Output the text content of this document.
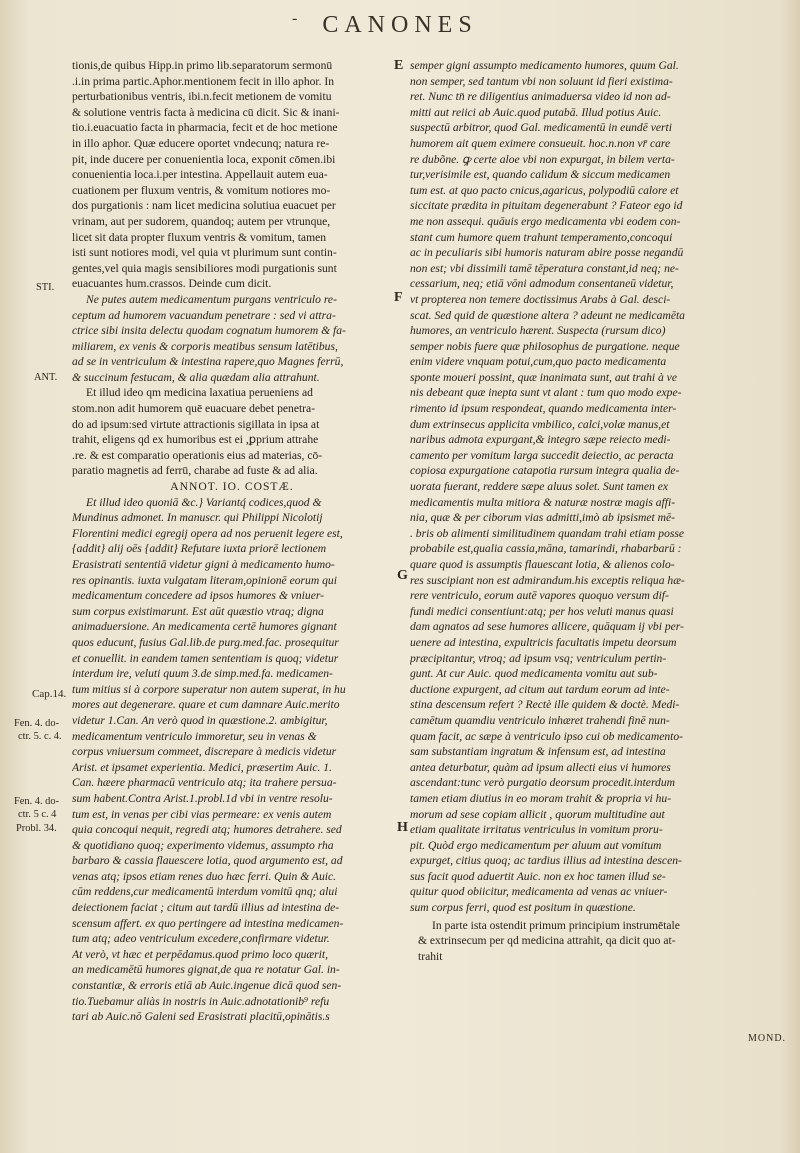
- CANONES
tionis,de quibus Hipp.in primo lib.separatorum sermonū
.i.in prima partic.Aphor.mentionem fecit in illo aphor. In
perturbationibus ventris, ibi.n.fecit metionem de vomitu
& solutione ventris facta à medicina cū dicit. Sic & inani-
tio.i.euacuatio facta in pharmacia, fecit et de hoc metione
in illo aphor. Quæ educere oportet vndecunq; natura re-
pit, inde ducere per conuenientia loca, exponit cōmen.ibi
conuenientia loca.i.per intestina. Appellauit autem eua-
cuationem per fluxum ventris, & vomitum notiores mo-
dos purgationis : nam licet medicina solutiua euacuet per
vrinam, aut per sudorem, quandoq; autem per vtrunque,
licet sit data propter fluxum ventris & vomitum, tamen
isti sunt notiores modi, vel quia vt plurimum sunt contin-
gentes,vel quia magis sensibiliores modi purgationis sunt
euacuantes hum.crassos. Deinde cum dicit.
Ne putes autem medicamentum purgans ventriculo re-
ceptum ad humorem vacuandum penetrare : sed vi attra-
ctrice sibi insita delectu quodam cognatum humorem & fa-
miliarem, ex venis & corporis meatibus sensum latētibus,
ad se in ventriculum & intestina rapere,quo Magnes ferrū,
& succinum festucam, & alia quædam alia attrahunt.
Et illud ideo qm medicina laxatiua perueniens ad
stom.non adit humorem quē euacuare debet penetra-
do ad ipsum:sed virtute attractionis sigillata in ipsa at
trahit, eligens qd ex humoribus est ei ,ꝑprium attrahe
.re. & est comparatio operationis eius ad materias, cō-
paratio magnetis ad ferrū, charabe ad fuste & ad alia.
ANNOT. IO. COSTÆ.
Et illud ideo quoniā &c.} Variantq́ codices,quod &
Mundinus admonet. In manuscr. qui Philippi Nicolotij
Florentini medici egregij opera ad nos peruenit legere est,
{addit} alij oēs {addit} Refutare iuxta priorē lectionem
Erasistrati sententiā videtur gigni à medicamento humo-
res opinantis. iuxta vulgatam literam,opinionē eorum qui
medicamentum concedere ad ipsos humores & vniuer-
sum corpus existimarunt. Est aūt quæstio vtraq; digna
animaduersione. An medicamenta certē humores gignant
quos educunt, fusius Gal.lib.de purg.med.fac. prosequitur
et conuellit. in eandem tamen sententiam is quoq; videtur
interdum ire, veluti quum 3.de simp.med.fa. medicamen-
tum mitius si à corpore superatur non autem superat, in hu
mores aut degenerare. quare et cum damnare Auic.merito
videtur 1.Can. An verò quod in quæstione.2. ambigitur,
medicamentum ventriculo immoretur, seu in venas &
corpus vniuersum commeet, discrepare à medicis videtur
Arist. et ipsamet experientia. Medici, præsertim Auic. 1.
Can. hæere pharmacū ventriculo atq; ita trahere persua-
sum habent.Contra Arist.1.probl.1d vbi in ventre resolu-
tum est, in venas per cibi vias permeare: ex venis autem
quia concoqui nequit, regredi atq; humores detrahere. sed
& quotidiano quoq; experimento videmus, assumpto rha
barbaro & cassia flauescere lotia, quod argumento est, ad
venas atq; ipsos etiam renes duo hæc ferri. Quin & Auic.
cūm reddens,cur medicamentū interdum vomitū qnq; alui
deiectionem faciat ; citum aut tardū illius ad intestina de-
scensum affert. ex quo pertingere ad intestina medicamen-
tum atq; adeo ventriculum excedere,confirmare videtur.
At verò, vt hæc et perpēdamus.quod primo loco quærit,
an medicamētū humores gignat,de qua re notatur Gal. in-
constantiæ, & erroris etiā ab Auic.ingenue dicā quod sen-
tio.Tuebamur aliàs in nostris in Auic.adnotationib⁹ refu
tari ab Auic.nō Galeni sed Erasistrati placitū,opinātis.s
semper gigni assumpto medicamento humores, quum Gal.
non semper, sed tantum vbi non soluunt id fieri existima-
ret. Nunc tn̄ re diligentius animaduersa video id non ad-
mitti aut reiici ab Auic.quod putabā. Illud potius Auic.
suspectū arbitror, quod Gal. medicamentū in eundē verti
humorem ait quem eximere consueuit. hoc.n.non vr̄ care
re dubõne. ꝙ certe aloe vbi non expurgat, in bilem verta-
tur,verisimile est, quando calidum & siccum medicamen
tum est. at quo pacto cnicus,agaricus, polypodiū calore et
siccitate prædita in pituitam degenerabunt ? Fateor ego id
me non assequi. quāuis ergo medicamenta vbi eodem con-
stant cum humore quem trahunt temperamento,concoqui
ac in peculiaris sibi humoris naturam abire posse negandū
non est; vbi dissimili tamē tēperatura constant,id neq; ne-
cessarium, neq; etiā vōni admodum consentaneū videtur,
vt propterea non temere doctissimus Arabs à Gal. desci-
scat. Sed quid de quæstione altera ? adeunt ne medicamēta
humores, an ventriculo hærent. Suspecta (rursum dico)
semper nobis fuere quæ philosophus de purgatione. neque
enim videre vnquam potui,cum,quo pacto medicamenta
sponte moueri possint, quæ inanimata sunt, aut trahi à ve
nis debeant quæ inepta sunt vt alant : tum quo modo expe-
rimento id ipsum respondeat, quando medicamenta inter-
dum extrinsecus applicita vmbilico, calci,volæ manus,et
naribus admota expurgant,& integro sæpe reiecto medi-
camento per vomitum larga succedit deiectio, ac peracta
copiosa expurgatione catapotia rursum integra qualia de-
uorata fuerant, reddere sæpe aluus solet. Sunt tamen ex
medicamentis multa mitiora & naturæ nostræ magis affi-
nia, quæ & per ciborum vias admitti,imò ab ipsismet mē-
. bris ob alimenti similitudinem quandam trahi etiam posse
probabile est,qualia cassia,māna, tamarindi, rhabarbarū :
quare quod is assumptis flauescant lotia, & alienos colo-
res suscipiant non est admirandum.his exceptis reliqua hæ-
rere ventriculo, eorum autē vapores quoquo versum dif-
fundi medici consentiunt:atq; per hos veluti manus quasi
dam agnatos ad sese humores allicere, quāquam ij vbi per-
uenere ad intestina, expultricis facultatis impetu deorsum
præcipitantur, vtroq; ad ipsum vsq; ventriculum pertin-
gunt. At cur Auic. quod medicamenta vomitu aut sub-
ductione expurgent, ad citum aut tardum eorum ad inte-
stina descensum refert ? Rectè ille quidem & doctè. Medi-
camētum quamdiu ventriculo inhæret trahendi finē nun-
quam facit, ac sæpe à ventriculo ipso cui ob medicamento-
sam substantiam ingratum & infensum est, ad intestina
antea deturbatur, quàm ad ipsum allecti eius vi humores
ascendant:tunc verò purgatio deorsum procedit.interdum
tamen etiam diutius in eo moram trahit & propria vi hu-
morum ad sese copiam allicit , quorum multitudine aut
etiam qualitate irritatus ventriculus in vomitum proru-
pit. Quòd ergo medicamentum per aluum aut vomitum
expurget, citius quoq; ac tardius illius ad intestina descen-
sus facit quod aduertit Auic. non ex hoc tamen illud se-
quitur quod obiicitur, medicamenta ad venas ac vniuer-
sum corpus ferri, quod est positum in quæstione.
In parte ista ostendit primum principium instrumētale
& extrinsecum per qd medicina attrahit, qa dicit quo at-
trahit
E
F
G
H
STI.
ANT.
Cap.14.
Fen. 4. do-
ctr. 5. c. 4.
Fen. 4. do-
ctr. 5 c. 4
Probl. 34.
MOND.
